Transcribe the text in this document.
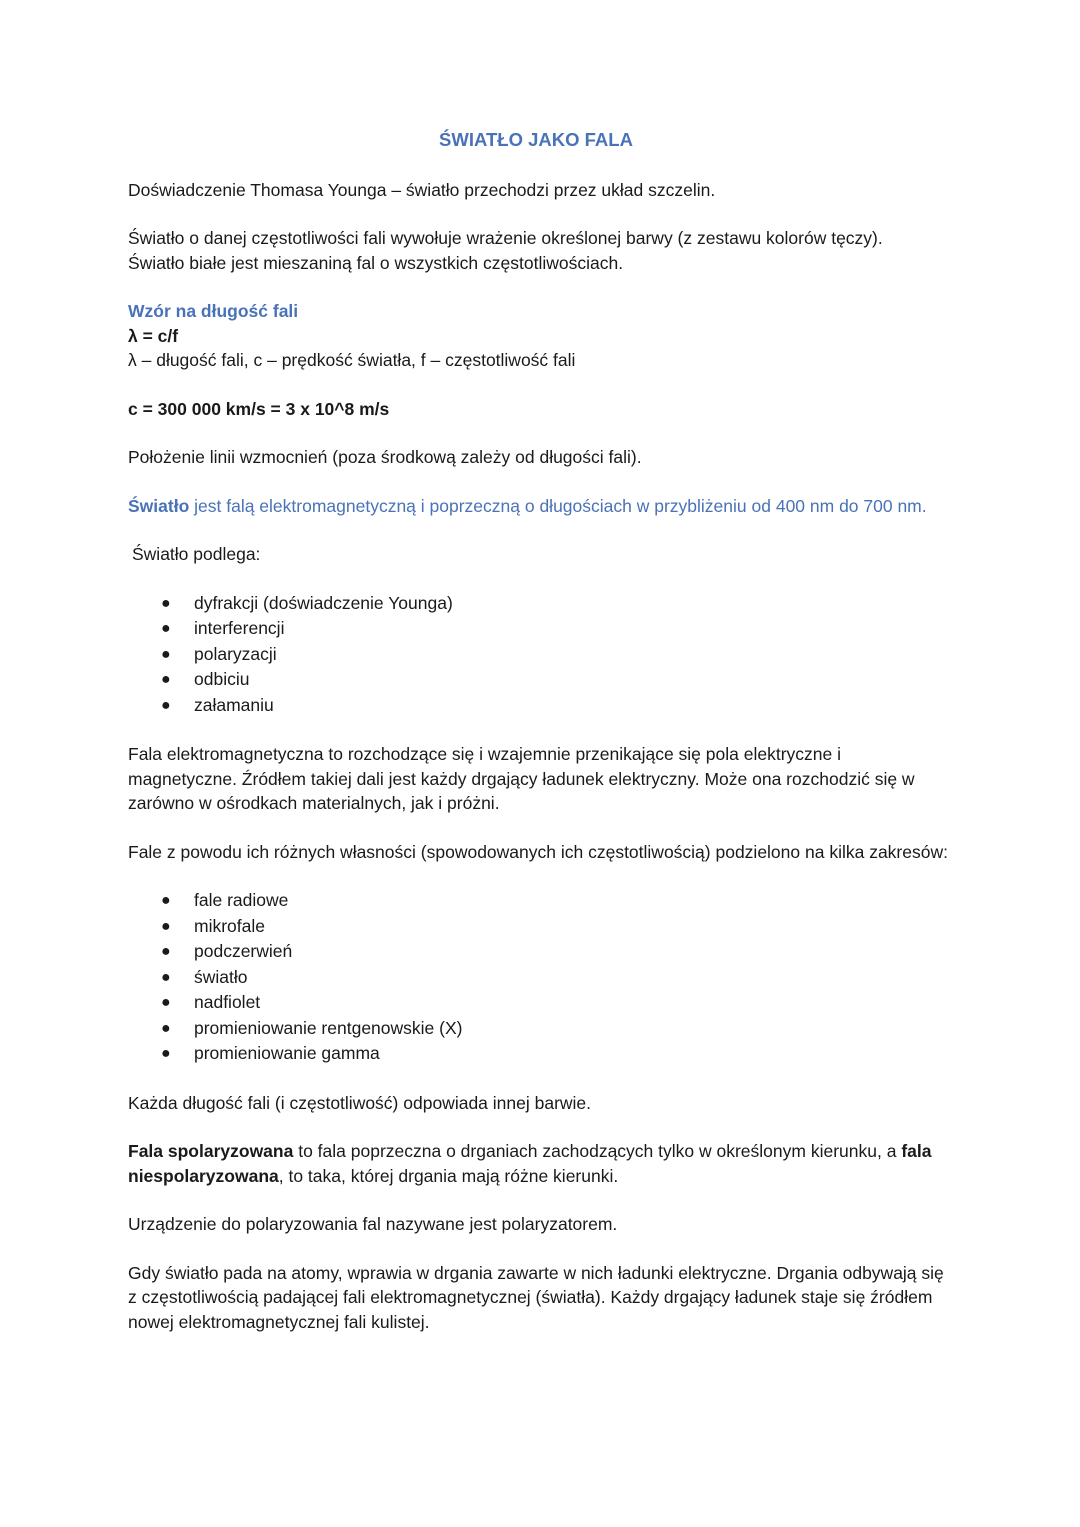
ŚWIATŁO JAKO FALA

Doświadczenie Thomasa Younga – światło przechodzi przez układ szczelin.

Światło o danej częstotliwości fali wywołuje wrażenie określonej barwy (z zestawu kolorów tęczy).
Światło białe jest mieszaniną fal o wszystkich częstotliwościach.

Wzór na długość fali
λ = c/f
λ – długość fali, c – prędkość światła, f – częstotliwość fali

c = 300 000 km/s = 3 x 10^8 m/s

Położenie linii wzmocnień (poza środkową zależy od długości fali).

Światło jest falą elektromagnetyczną i poprzeczną o długościach w przybliżeniu od 400 nm do 700 nm.

Światło podlega:

● dyfrakcji (doświadczenie Younga)
● interferencji
● polaryzacji
● odbiciu
● załamaniu

Fala elektromagnetyczna to rozchodzące się i wzajemnie przenikające się pola elektryczne i magnetyczne. Źródłem takiej dali jest każdy drgający ładunek elektryczny. Może ona rozchodzić się w zarówno w ośrodkach materialnych, jak i próżni.

Fale z powodu ich różnych własności (spowodowanych ich częstotliwością) podzielono na kilka zakresów:

● fale radiowe
● mikrofale
● podczerwień
● światło
● nadfiolet
● promieniowanie rentgenowskie (X)
● promieniowanie gamma

Każda długość fali (i częstotliwość) odpowiada innej barwie.

Fala spolaryzowana to fala poprzeczna o drganiach zachodzących tylko w określonym kierunku, a fala niespolaryzowana, to taka, której drgania mają różne kierunki.

Urządzenie do polaryzowania fal nazywane jest polaryzatorem.

Gdy światło pada na atomy, wprawia w drgania zawarte w nich ładunki elektryczne. Drgania odbywają się z częstotliwością padającej fali elektromagnetycznej (światła). Każdy drgający ładunek staje się źródłem nowej elektromagnetycznej fali kulistej.
